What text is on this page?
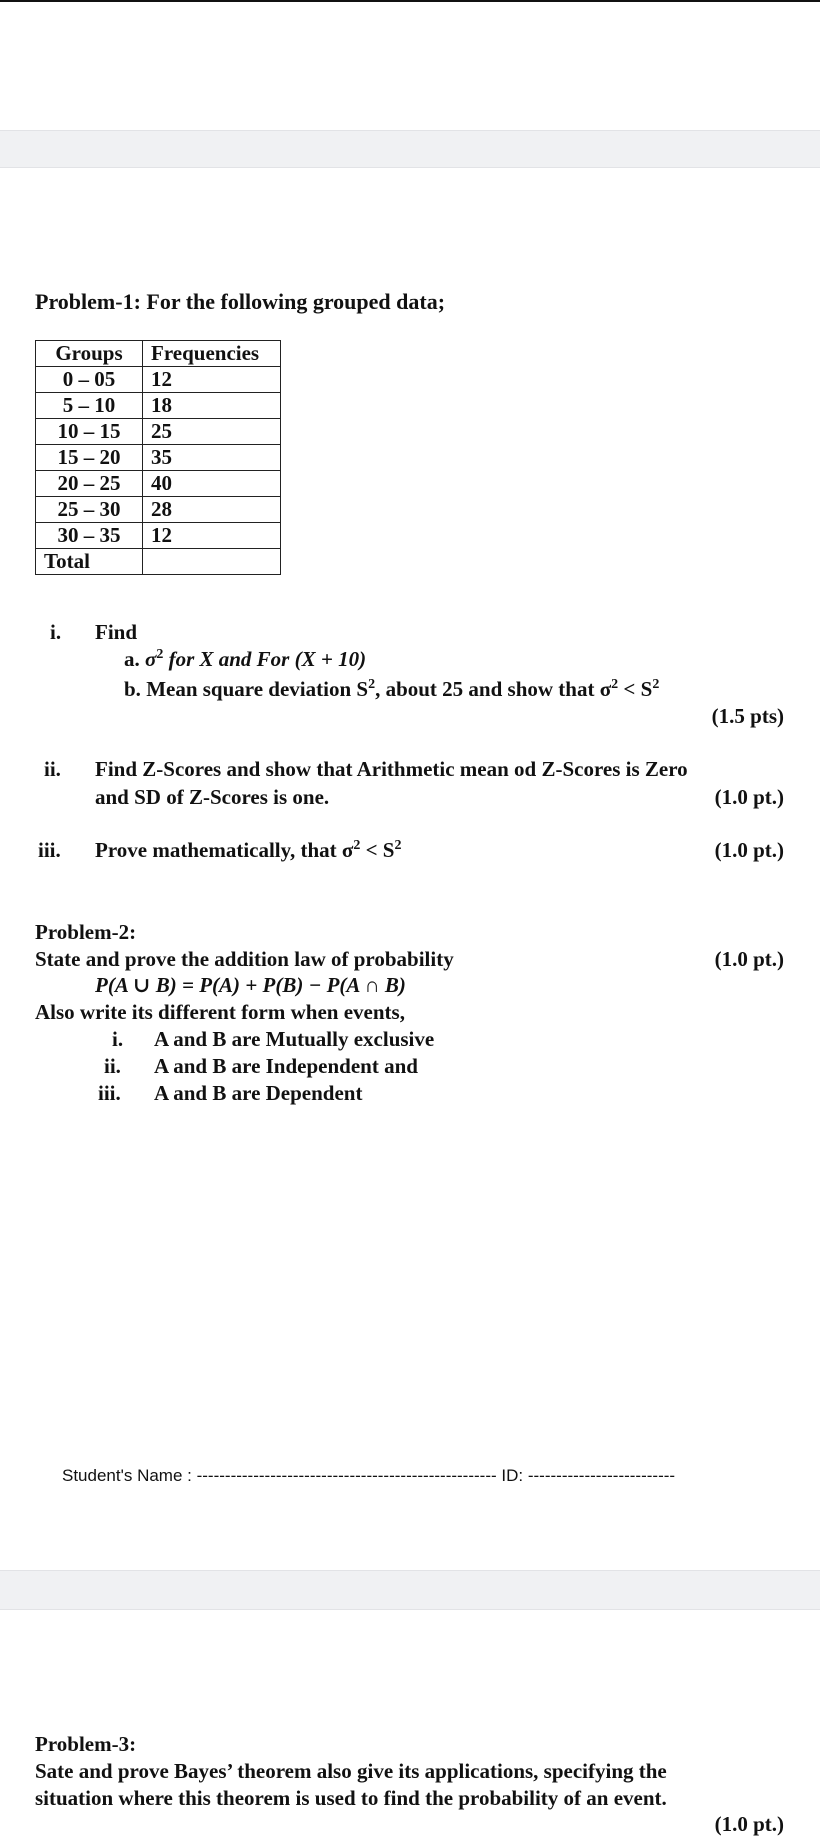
Problem-1: For the following grouped data;
Groups	Frequencies
0 – 05	12
5 – 10	18
10 – 15	25
15 – 20	35
20 – 25	40
25 – 30	28
30 – 35	12
Total	
i. Find
a. $\sigma^2$ for X and For (X + 10)
b. Mean square deviation $S^2$, about 25 and show that $\sigma^2 < S^2$
(1.5 pts)
ii. Find Z-Scores and show that Arithmetic mean od Z-Scores is Zero
and SD of Z-Scores is one.	(1.0 pt.)
iii. Prove mathematically, that $\sigma^2 < S^2$	(1.0 pt.)
Problem-2:
State and prove the addition law of probability	(1.0 pt.)
P(A ∪ B) = P(A) + P(B) − P(A ∩ B)
Also write its different form when events,
i. A and B are Mutually exclusive
ii. A and B are Independent and
iii. A and B are Dependent
Student's Name : ----------------------------------------------------- ID: --------------------------
Problem-3:
Sate and prove Bayes’ theorem also give its applications, specifying the
situation where this theorem is used to find the probability of an event.
(1.0 pt.)
